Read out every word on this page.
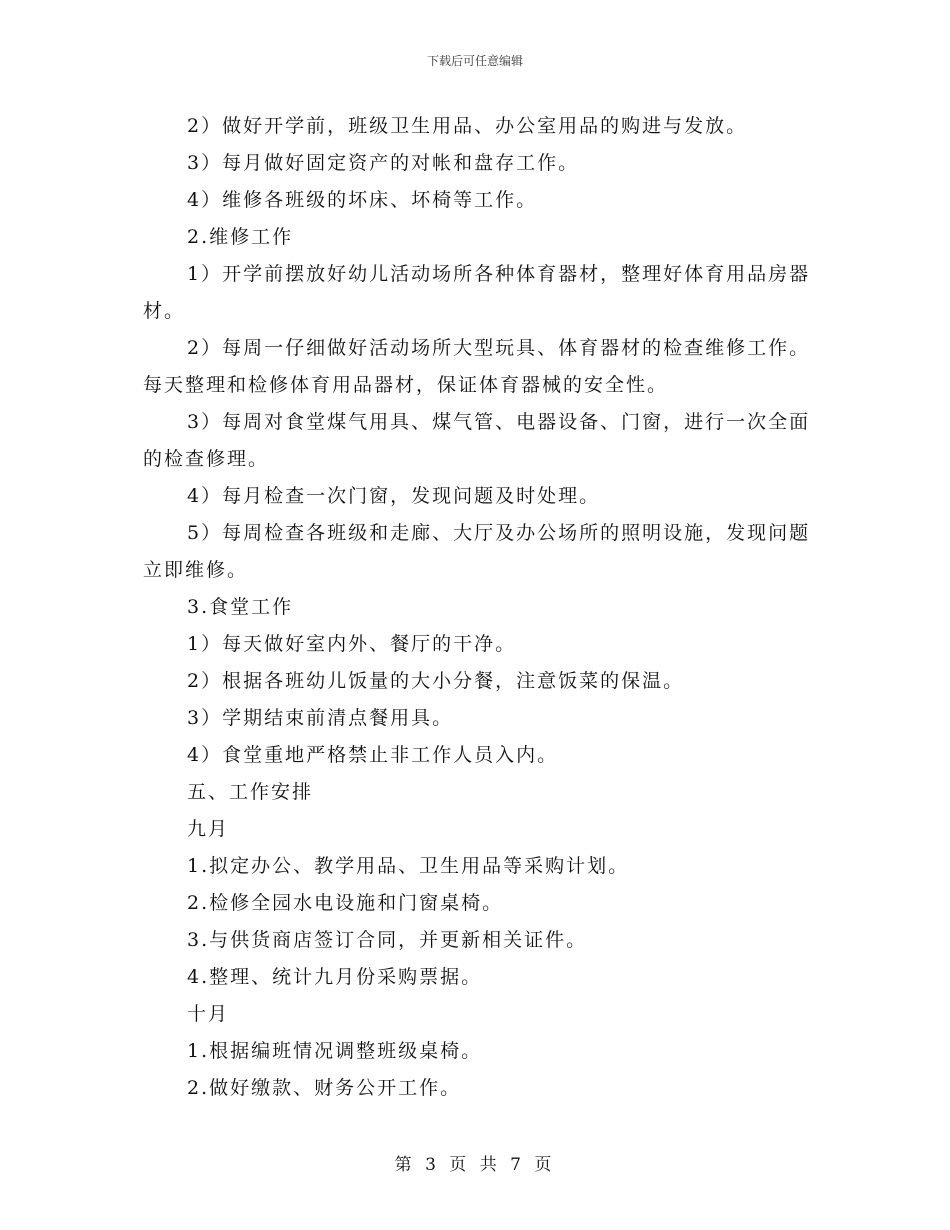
下载后可任意编辑

2）做好开学前，班级卫生用品、办公室用品的购进与发放。

3）每月做好固定资产的对帐和盘存工作。

4）维修各班级的坏床、坏椅等工作。

2.维修工作

1）开学前摆放好幼儿活动场所各种体育器材，整理好体育用品房器材。

2）每周一仔细做好活动场所大型玩具、体育器材的检查维修工作。每天整理和检修体育用品器材，保证体育器械的安全性。

3）每周对食堂煤气用具、煤气管、电器设备、门窗，进行一次全面的检查修理。

4）每月检查一次门窗，发现问题及时处理。

5）每周检查各班级和走廊、大厅及办公场所的照明设施，发现问题立即维修。

3.食堂工作

1）每天做好室内外、餐厅的干净。

2）根据各班幼儿饭量的大小分餐，注意饭菜的保温。

3）学期结束前清点餐用具。

4）食堂重地严格禁止非工作人员入内。

五、工作安排

九月

1.拟定办公、教学用品、卫生用品等采购计划。

2.检修全园水电设施和门窗桌椅。

3.与供货商店签订合同，并更新相关证件。

4.整理、统计九月份采购票据。

十月

1.根据编班情况调整班级桌椅。

2.做好缴款、财务公开工作。

第 3 页 共 7 页
